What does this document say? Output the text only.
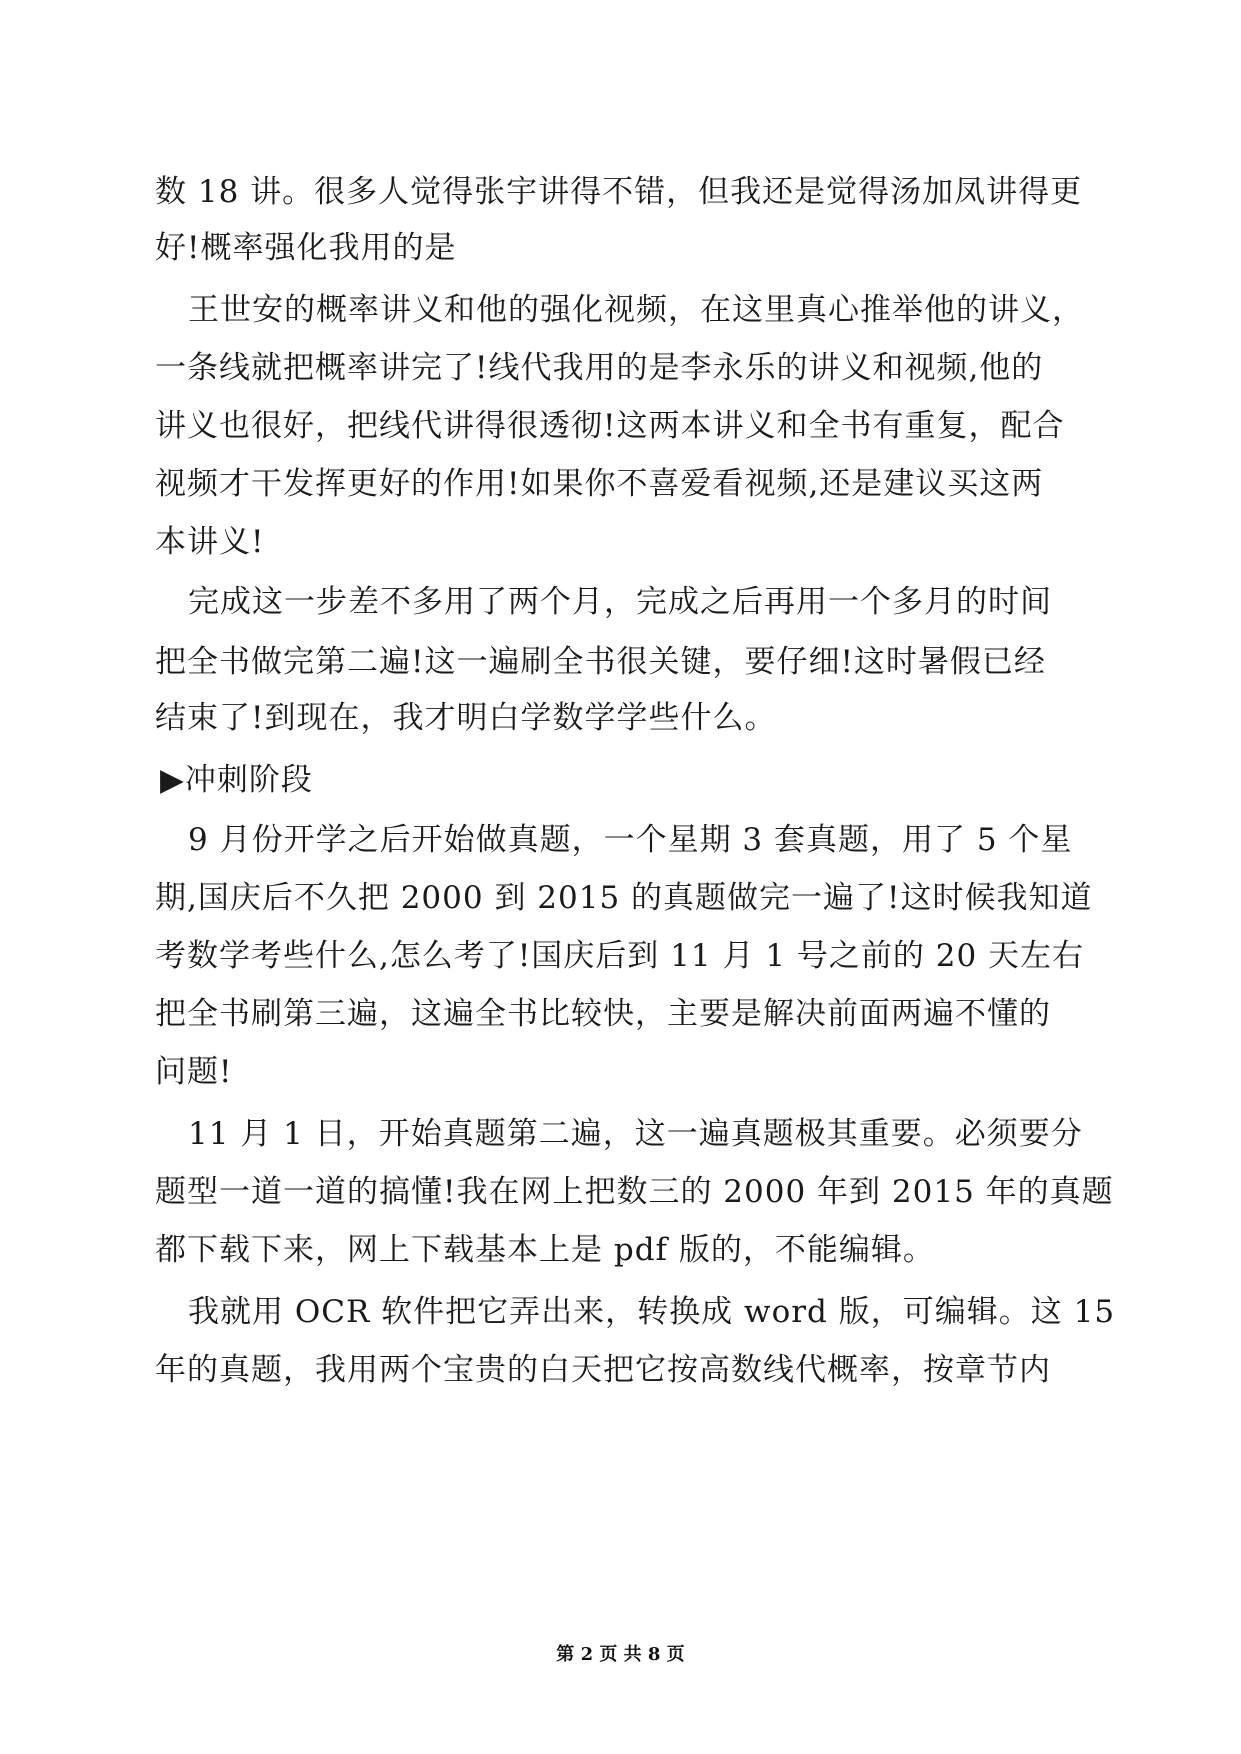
数 18 讲。很多人觉得张宇讲得不错，但我还是觉得汤加凤讲得更
好!概率强化我用的是
王世安的概率讲义和他的强化视频，在这里真心推举他的讲义，
一条线就把概率讲完了!线代我用的是李永乐的讲义和视频,他的
讲义也很好，把线代讲得很透彻!这两本讲义和全书有重复，配合
视频才干发挥更好的作用!如果你不喜爱看视频,还是建议买这两
本讲义!
完成这一步差不多用了两个月，完成之后再用一个多月的时间
把全书做完第二遍!这一遍刷全书很关键，要仔细!这时暑假已经
结束了!到现在，我才明白学数学学些什么。
▶冲刺阶段
9 月份开学之后开始做真题，一个星期 3 套真题，用了 5 个星
期,国庆后不久把 2000 到 2015 的真题做完一遍了!这时候我知道
考数学考些什么,怎么考了!国庆后到 11 月 1 号之前的 20 天左右
把全书刷第三遍，这遍全书比较快，主要是解决前面两遍不懂的
问题!
11 月 1 日，开始真题第二遍，这一遍真题极其重要。必须要分
题型一道一道的搞懂!我在网上把数三的 2000 年到 2015 年的真题
都下载下来，网上下载基本上是 pdf 版的，不能编辑。
我就用 OCR 软件把它弄出来，转换成 word 版，可编辑。这 15
年的真题，我用两个宝贵的白天把它按高数线代概率，按章节内
第 2 页 共 8 页
